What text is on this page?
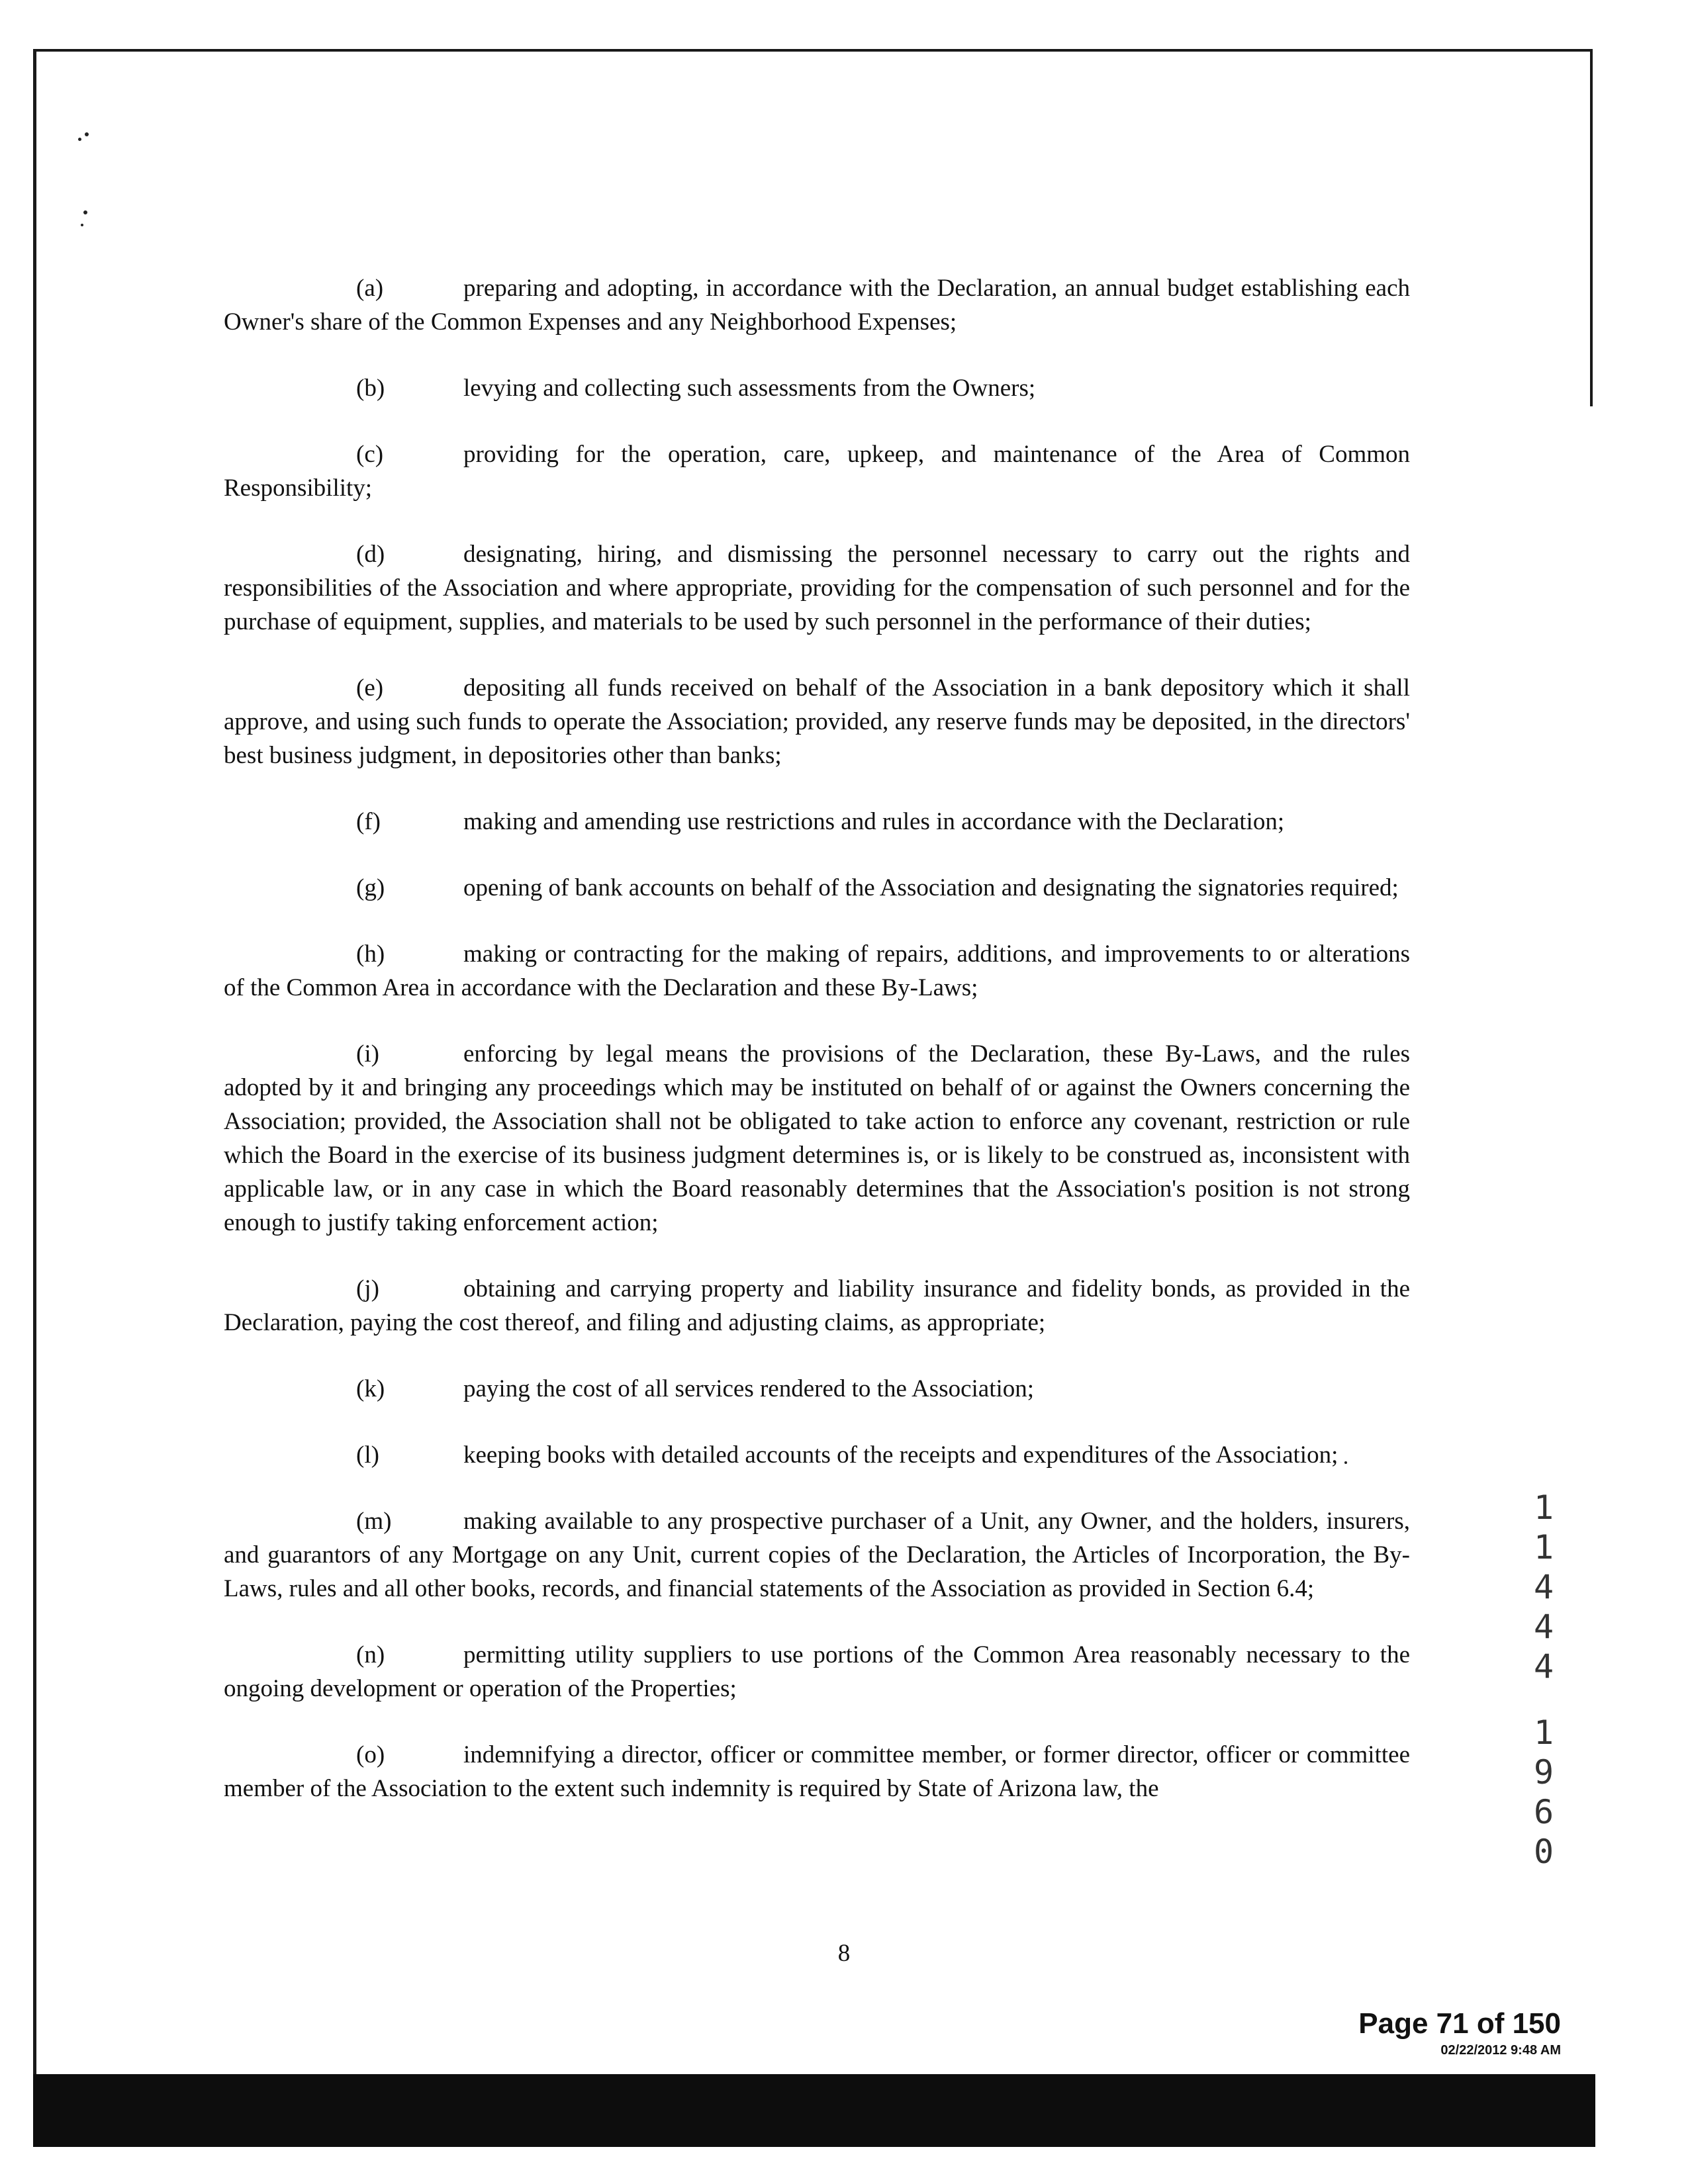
(a)	preparing and adopting, in accordance with the Declaration, an annual budget establishing each Owner's share of the Common Expenses and any Neighborhood Expenses;

(b)	levying and collecting such assessments from the Owners;

(c)	providing for the operation, care, upkeep, and maintenance of the Area of Common Responsibility;

(d)	designating, hiring, and dismissing the personnel necessary to carry out the rights and responsibilities of the Association and where appropriate, providing for the compensation of such personnel and for the purchase of equipment, supplies, and materials to be used by such personnel in the performance of their duties;

(e)	depositing all funds received on behalf of the Association in a bank depository which it shall approve, and using such funds to operate the Association; provided, any reserve funds may be deposited, in the directors' best business judgment, in depositories other than banks;

(f)	making and amending use restrictions and rules in accordance with the Declaration;

(g)	opening of bank accounts on behalf of the Association and designating the signatories required;

(h)	making or contracting for the making of repairs, additions, and improvements to or alterations of the Common Area in accordance with the Declaration and these By-Laws;

(i)	enforcing by legal means the provisions of the Declaration, these By-Laws, and the rules adopted by it and bringing any proceedings which may be instituted on behalf of or against the Owners concerning the Association; provided, the Association shall not be obligated to take action to enforce any covenant, restriction or rule which the Board in the exercise of its business judgment determines is, or is likely to be construed as, inconsistent with applicable law, or in any case in which the Board reasonably determines that the Association's position is not strong enough to justify taking enforcement action;

(j)	obtaining and carrying property and liability insurance and fidelity bonds, as provided in the Declaration, paying the cost thereof, and filing and adjusting claims, as appropriate;

(k)	paying the cost of all services rendered to the Association;

(l)	keeping books with detailed accounts of the receipts and expenditures of the Association;

(m)	making available to any prospective purchaser of a Unit, any Owner, and the holders, insurers, and guarantors of any Mortgage on any Unit, current copies of the Declaration, the Articles of Incorporation, the By-Laws, rules and all other books, records, and financial statements of the Association as provided in Section 6.4;

(n)	permitting utility suppliers to use portions of the Common Area reasonably necessary to the ongoing development or operation of the Properties;

(o)	indemnifying a director, officer or committee member, or former director, officer or committee member of the Association to the extent such indemnity is required by State of Arizona law, the

8
1
1
4
4
4
1
9
6
0
Page 71 of 150
02/22/2012 9:48 AM
